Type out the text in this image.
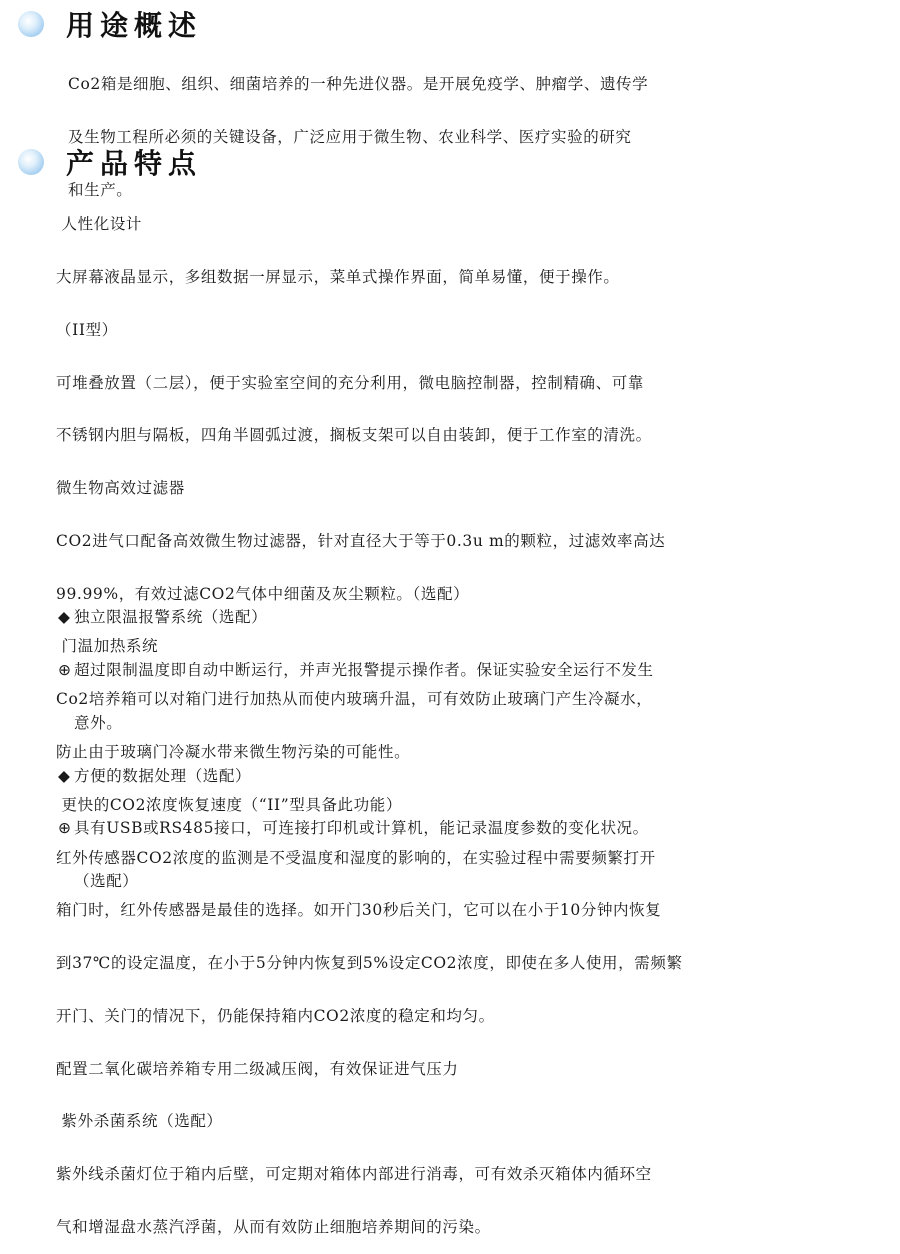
用途概述

Co2箱是细胞、组织、细菌培养的一种先进仪器。是开展免疫学、肿瘤学、遗传学

及生物工程所必须的关键设备，广泛应用于微生物、农业科学、医疗实验的研究

和生产。

产品特点

人性化设计

大屏幕液晶显示，多组数据一屏显示，菜单式操作界面，简单易懂，便于操作。

（II型）

可堆叠放置（二层），便于实验室空间的充分利用，微电脑控制器，控制精确、可靠

不锈钢内胆与隔板，四角半圆弧过渡，搁板支架可以自由装卸，便于工作室的清洗。

微生物高效过滤器

CO2进气口配备高效微生物过滤器，针对直径大于等于0.3u m的颗粒，过滤效率高达

99.99%，有效过滤CO2气体中细菌及灰尘颗粒。（选配）

门温加热系统

Co2培养箱可以对箱门进行加热从而使内玻璃升温，可有效防止玻璃门产生冷凝水，

防止由于玻璃门冷凝水带来微生物污染的可能性。

更快的CO2浓度恢复速度（“II”型具备此功能）

红外传感器CO2浓度的监测是不受温度和湿度的影响的，在实验过程中需要频繁打开

箱门时，红外传感器是最佳的选择。如开门30秒后关门，它可以在小于10分钟内恢复

到37℃的设定温度，在小于5分钟内恢复到5%设定CO2浓度，即使在多人使用，需频繁

开门、关门的情况下，仍能保持箱内CO2浓度的稳定和均匀。

配置二氧化碳培养箱专用二级减压阀，有效保证进气压力

紫外杀菌系统（选配）

紫外线杀菌灯位于箱内后壁，可定期对箱体内部进行消毒，可有效杀灭箱体内循环空

气和增湿盘水蒸汽浮菌，从而有效防止细胞培养期间的污染。

◆ 独立限温报警系统（选配）

⊕ 超过限制温度即自动中断运行，并声光报警提示操作者。保证实验安全运行不发生

意外。

◆ 方便的数据处理（选配）

⊕ 具有USB或RS485接口，可连接打印机或计算机，能记录温度参数的变化状况。

（选配）
